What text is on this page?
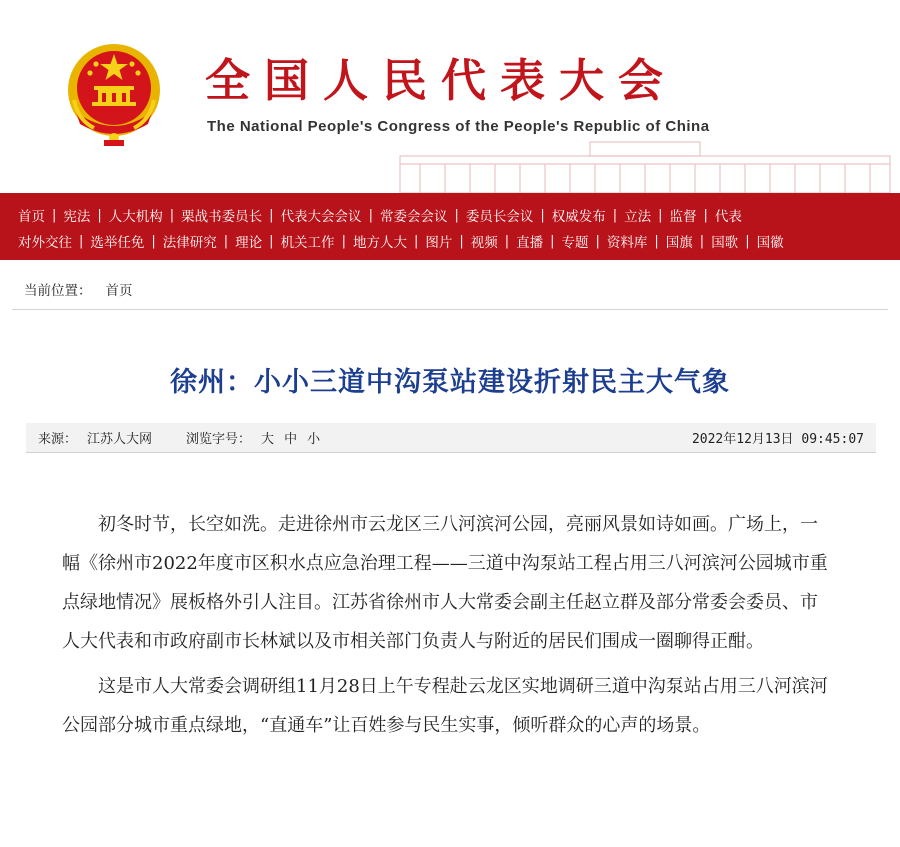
全国人民代表大会
The National People's Congress of the People's Republic of China
首页 | 宪法 | 人大机构 | 栗战书委员长 | 代表大会会议 | 常委会会议 | 委员长会议 | 权威发布 | 立法 | 监督 | 代表
对外交往 | 选举任免 | 法律研究 | 理论 | 机关工作 | 地方人大 | 图片 | 视频 | 直播 | 专题 | 资料库 | 国旗 | 国歌 | 国徽
当前位置： 首页
徐州：小小三道中沟泵站建设折射民主大气象
来源： 江苏人大网	浏览字号： 大 中 小	2022年12月13日 09:45:07

初冬时节，长空如洗。走进徐州市云龙区三八河滨河公园，亮丽风景如诗如画。广场上，一幅《徐州市2022年度市区积水点应急治理工程——三道中沟泵站工程占用三八河滨河公园城市重点绿地情况》展板格外引人注目。江苏省徐州市人大常委会副主任赵立群及部分常委会委员、市人大代表和市政府副市长林斌以及市相关部门负责人与附近的居民们围成一圈聊得正酣。

这是市人大常委会调研组11月28日上午专程赴云龙区实地调研三道中沟泵站占用三八河滨河公园部分城市重点绿地，“直通车”让百姓参与民生实事，倾听群众的心声的场景。
